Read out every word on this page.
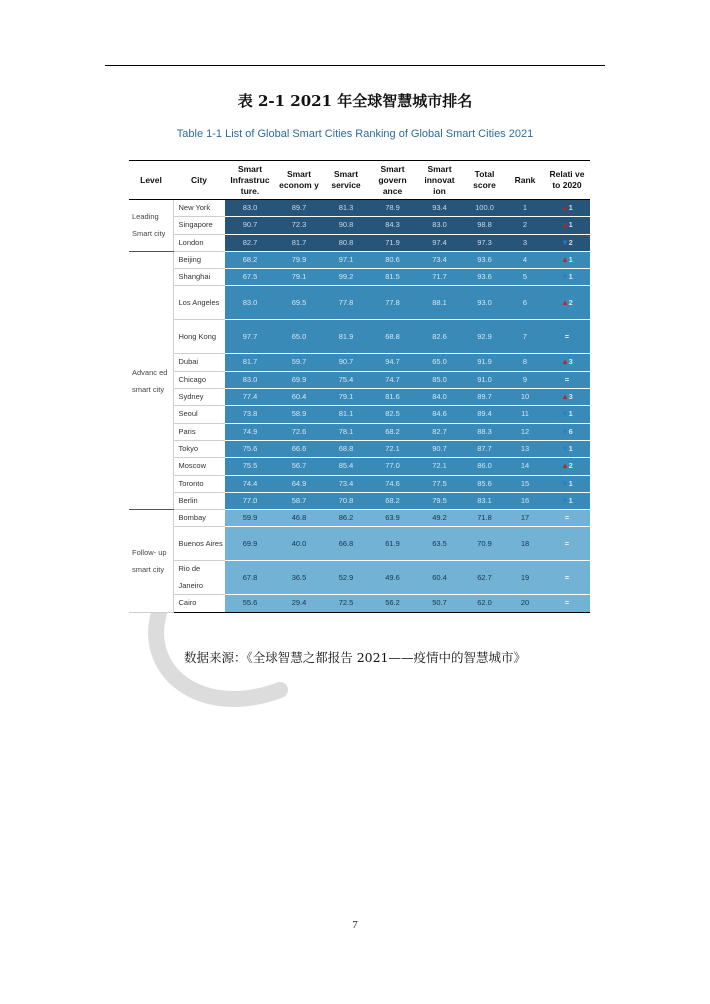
表 2-1 2021 年全球智慧城市排名
Table 1-1 List of Global Smart Cities Ranking of Global Smart Cities 2021
Level	City	Smart Infrastruc ture.	Smart econom y	Smart service	Smart govern ance	Smart innovat ion	Total score	Rank	Relati ve to 2020
Leading Smart city	New York	83.0	89.7	81.3	78.9	93.4	100.0	1	▲1
	Singapore	90.7	72.3	90.8	84.3	83.0	98.8	2	▲1
	London	82.7	81.7	80.8	71.9	97.4	97.3	3	▼2
Advanc ed smart city	Beijing	68.2	79.9	97.1	80.6	73.4	93.6	4	▲1
	Shanghai	67.5	79.1	99.2	81.5	71.7	93.6	5	▼1
	Los Angeles	83.0	69.5	77.8	77.8	88.1	93.0	6	▲2
	Hong Kong	97.7	65.0	81.9	68.8	82.6	92.9	7	=
	Dubai	81.7	59.7	90.7	94.7	65.0	91.9	8	▲3
	Chicago	83.0	69.9	75.4	74.7	85.0	91.0	9	=
	Sydney	77.4	60.4	79.1	81.6	84.0	89.7	10	▲3
	Seoul	73.8	58.9	81.1	82.5	84.6	89.4	11	▼1
	Paris	74.9	72.6	78.1	68.2	82.7	88.3	12	▼6
	Tokyo	75.6	66.6	68.8	72.1	90.7	87.7	13	▼1
	Moscow	75.5	56.7	85.4	77.0	72.1	86.0	14	▲2
	Toronto	74.4	64.9	73.4	74.6	77.5	85.6	15	▼1
	Berlin	77.0	58.7	70.8	68.2	79.5	83.1	16	▼1
Follow- up smart city	Bombay	59.9	46.8	86.2	63.9	49.2	71.8	17	=
	Buenos Aires	69.9	40.0	66.8	61.9	63.5	70.9	18	=
	Rio de Janeiro	67.8	36.5	52.9	49.6	60.4	62.7	19	=
	Cairo	55.6	29.4	72.5	56.2	50.7	62.0	20	=
数据来源：《全球智慧之都报告 2021——疫情中的智慧城市》
7
